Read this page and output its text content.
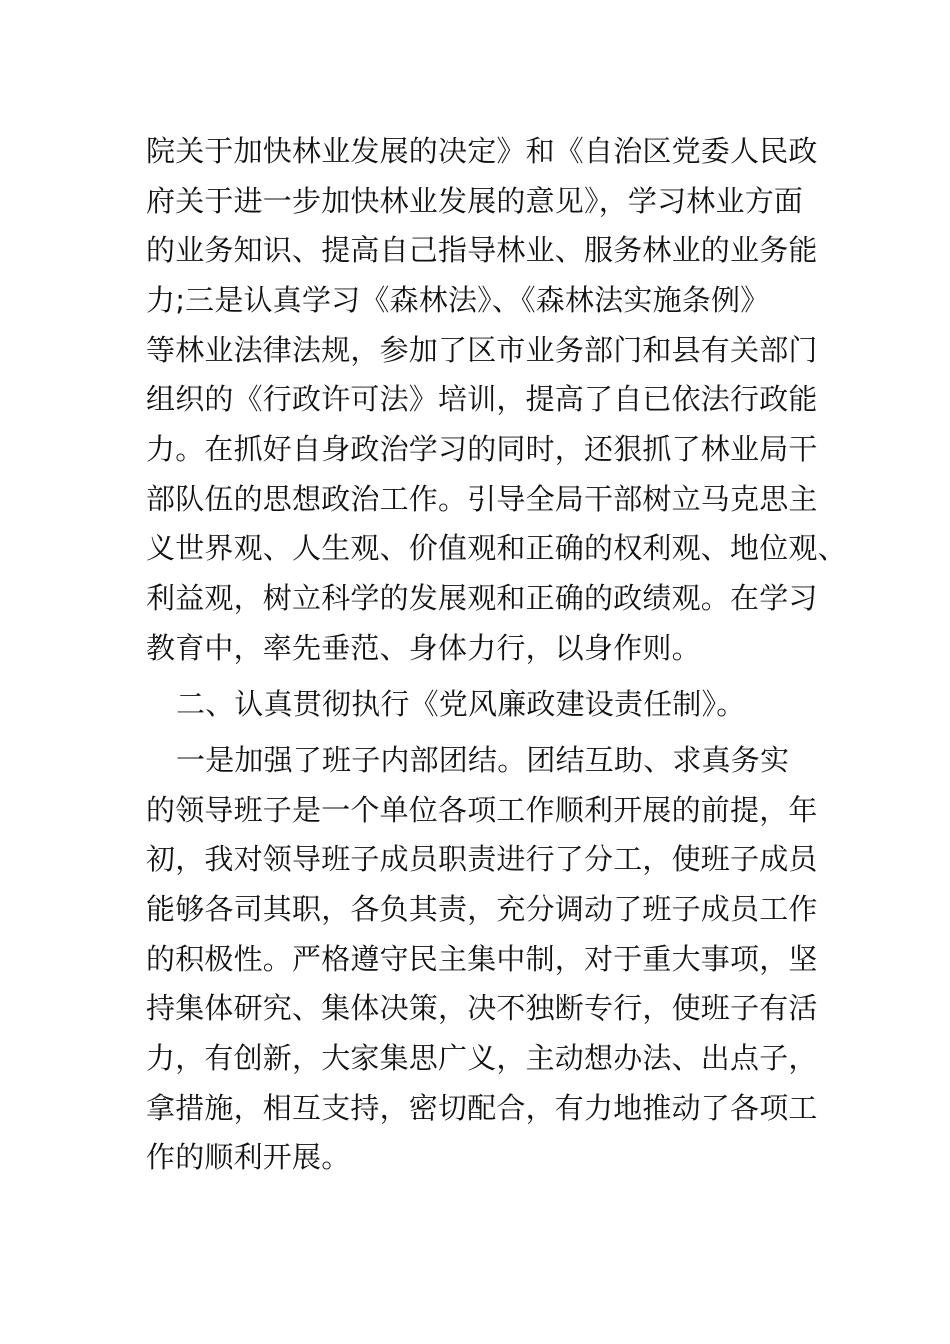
院关于加快林业发展的决定》和《自治区党委人民政
府关于进一步加快林业发展的意见》，学习林业方面
的业务知识、提高自己指导林业、服务林业的业务能
力;三是认真学习《森林法》、《森林法实施条例》
等林业法律法规，参加了区市业务部门和县有关部门
组织的《行政许可法》培训，提高了自已依法行政能
力。在抓好自身政治学习的同时，还狠抓了林业局干
部队伍的思想政治工作。引导全局干部树立马克思主
义世界观、人生观、价值观和正确的权利观、地位观、
利益观，树立科学的发展观和正确的政绩观。在学习
教育中，率先垂范、身体力行，以身作则。
二、认真贯彻执行《党风廉政建设责任制》。
一是加强了班子内部团结。团结互助、求真务实
的领导班子是一个单位各项工作顺利开展的前提，年
初，我对领导班子成员职责进行了分工，使班子成员
能够各司其职，各负其责，充分调动了班子成员工作
的积极性。严格遵守民主集中制，对于重大事项，坚
持集体研究、集体决策，决不独断专行，使班子有活
力，有创新，大家集思广义，主动想办法、出点子，
拿措施，相互支持，密切配合，有力地推动了各项工
作的顺利开展。
